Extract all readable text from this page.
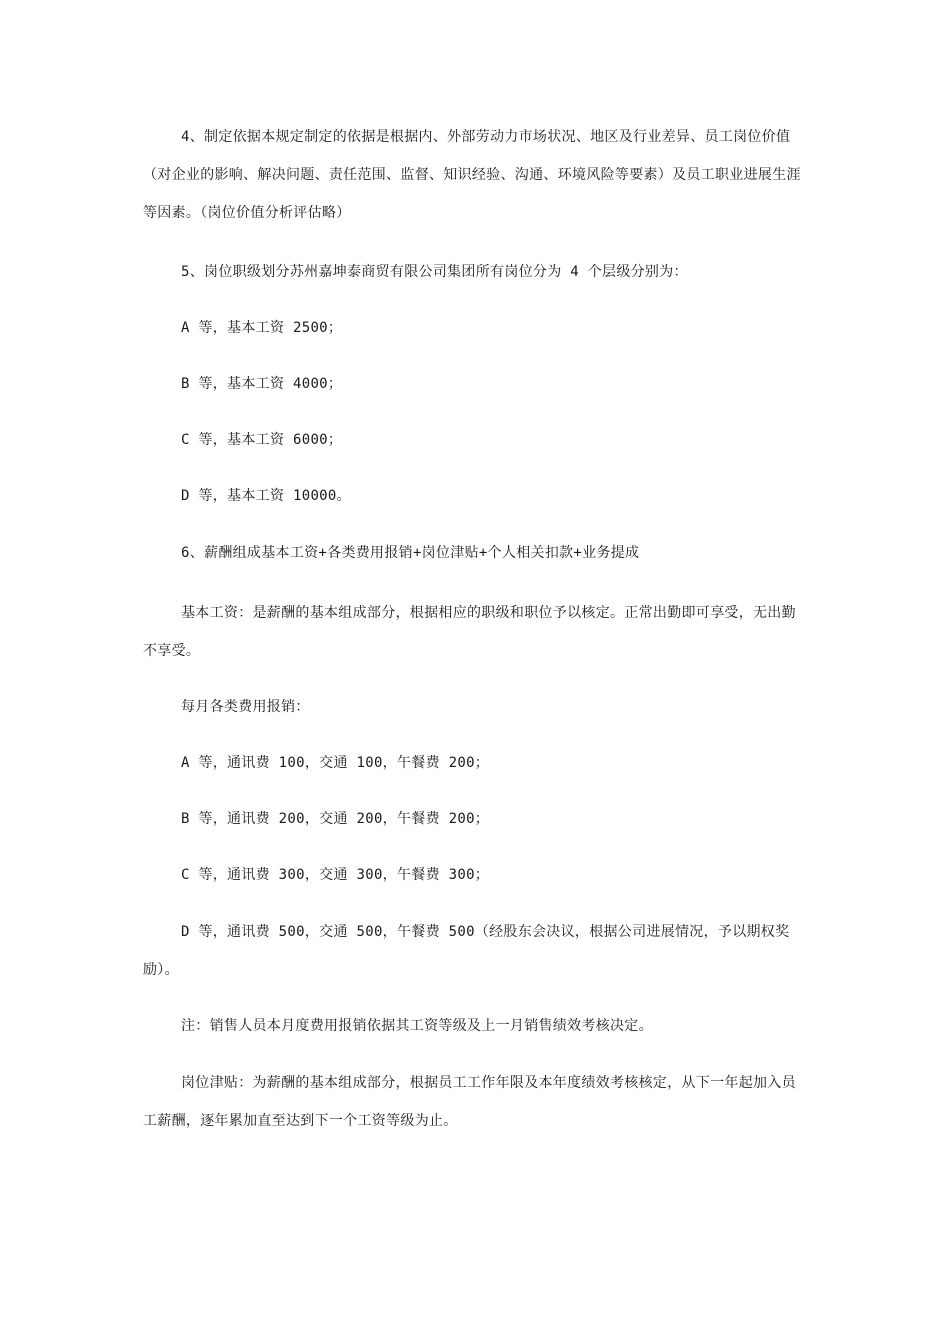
4、制定依据本规定制定的依据是根据内、外部劳动力市场状况、地区及行业差异、员工岗位价值（对企业的影响、解决问题、责任范围、监督、知识经验、沟通、环境风险等要素）及员工职业进展生涯等因素。（岗位价值分析评估略）
5、岗位职级划分苏州嘉坤泰商贸有限公司集团所有岗位分为 4 个层级分别为：
A 等，基本工资 2500；
B 等，基本工资 4000；
C 等，基本工资 6000；
D 等，基本工资 10000。
6、薪酬组成基本工资+各类费用报销+岗位津贴+个人相关扣款+业务提成
基本工资：是薪酬的基本组成部分，根据相应的职级和职位予以核定。正常出勤即可享受，无出勤不享受。
每月各类费用报销：
A 等，通讯费 100，交通 100，午餐费 200；
B 等，通讯费 200，交通 200，午餐费 200；
C 等，通讯费 300，交通 300，午餐费 300；
D 等，通讯费 500，交通 500，午餐费 500（经股东会决议，根据公司进展情况，予以期权奖励）。
注：销售人员本月度费用报销依据其工资等级及上一月销售绩效考核决定。
岗位津贴：为薪酬的基本组成部分，根据员工工作年限及本年度绩效考核核定，从下一年起加入员工薪酬，逐年累加直至达到下一个工资等级为止。
